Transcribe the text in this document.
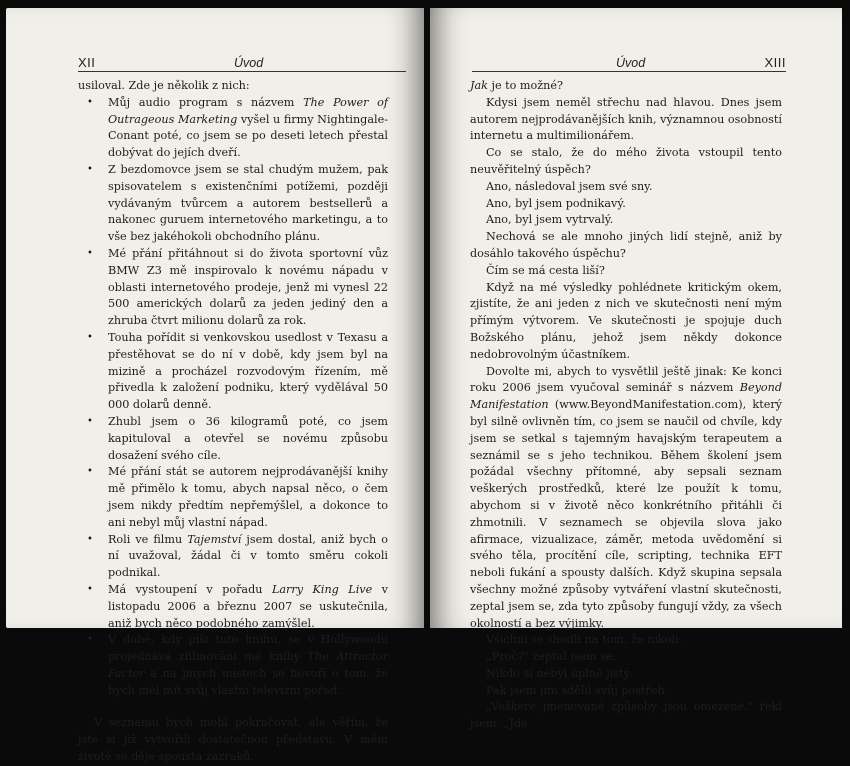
XII	Úvod

usiloval. Zde je několik z nich:

• Můj audio program s názvem The Power of Outrageous Marketing vyšel u firmy Nightingale-Conant poté, co jsem se po deseti letech přestal dobývat do jejích dveří.
• Z bezdomovce jsem se stal chudým mužem, pak spisovatelem s existenčními potížemi, později vydávaným tvůrcem a autorem bestsellerů a nakonec guruem internetového marketingu, a to vše bez jakéhokoli obchodního plánu.
• Mé přání přitáhnout si do života sportovní vůz BMW Z3 mě inspirovalo k novému nápadu v oblasti internetového prodeje, jenž mi vynesl 22 500 amerických dolarů za jeden jediný den a zhruba čtvrt milionu dolarů za rok.
• Touha pořídit si venkovskou usedlost v Texasu a přestěhovat se do ní v době, kdy jsem byl na mizině a procházel rozvodovým řízením, mě přivedla k založení podniku, který vydělával 50 000 dolarů denně.
• Zhubl jsem o 36 kilogramů poté, co jsem kapituloval a otevřel se novému způsobu dosažení svého cíle.
• Mé přání stát se autorem nejprodávanější knihy mě přimělo k tomu, abych napsal něco, o čem jsem nikdy předtím nepřemýšlel, a dokonce to ani nebyl můj vlastní nápad.
• Roli ve filmu Tajemství jsem dostal, aniž bych o ní uvažoval, žádal či v tomto směru cokoli podnikal.
• Má vystoupení v pořadu Larry King Live v listopadu 2006 a březnu 2007 se uskutečnila, aniž bych něco podobného zamýšlel.
• V době, kdy píši tuto knihu, se v Hollywoodu projednává zfilmování mé knihy The Attractor Factor a na jiných místech se hovoří o tom, že bych měl mít svůj vlastní televizní pořad.

V seznamu bych mohl pokračovat, ale věřím, že jste si již vytvořili dostatečnou představu. V mém životě se děje spousta zázraků.

Úvod	XIII

Jak je to možné?

Kdysi jsem neměl střechu nad hlavou. Dnes jsem autorem nejprodávanějších knih, významnou osobností internetu a multimilionářem.

Co se stalo, že do mého života vstoupil tento neuvěřitelný úspěch?

Ano, následoval jsem své sny.

Ano, byl jsem podnikavý.

Ano, byl jsem vytrvalý.

Nechová se ale mnoho jiných lidí stejně, aniž by dosáhlo takového úspěchu?

Čím se má cesta liší?

Když na mé výsledky pohlédnete kritickým okem, zjistíte, že ani jeden z nich ve skutečnosti není mým přímým výtvorem. Ve skutečnosti je spojuje duch Božského plánu, jehož jsem někdy dokonce nedobrovolným účastníkem.

Dovolte mi, abych to vysvětlil ještě jinak: Ke konci roku 2006 jsem vyučoval seminář s názvem Beyond Manifestation (www.BeyondManifestation.com), který byl silně ovlivněn tím, co jsem se naučil od chvíle, kdy jsem se setkal s tajemným havajským terapeutem a seznámil se s jeho technikou. Během školení jsem požádal všechny přítomné, aby sepsali seznam veškerých prostředků, které lze použít k tomu, abychom si v životě něco konkrétního přitáhli či zhmotnili. V seznamech se objevila slova jako afirmace, vizualizace, záměr, metoda uvědomění si svého těla, procítění cíle, scripting, technika EFT neboli fukání a spousty dalších. Když skupina sepsala všechny možné způsoby vytváření vlastní skutečnosti, zeptal jsem se, zda tyto způsoby fungují vždy, za všech okolností a bez výjimky.

Všichni se shodli na tom, že nikoli.

„Proč?" zeptal jsem se.

Nikdo si nebyl úplně jistý.

Pak jsem jim sdělil svůj postřeh.

„Veškeré jmenované způsoby jsou omezené," řekl jsem. „Jde
